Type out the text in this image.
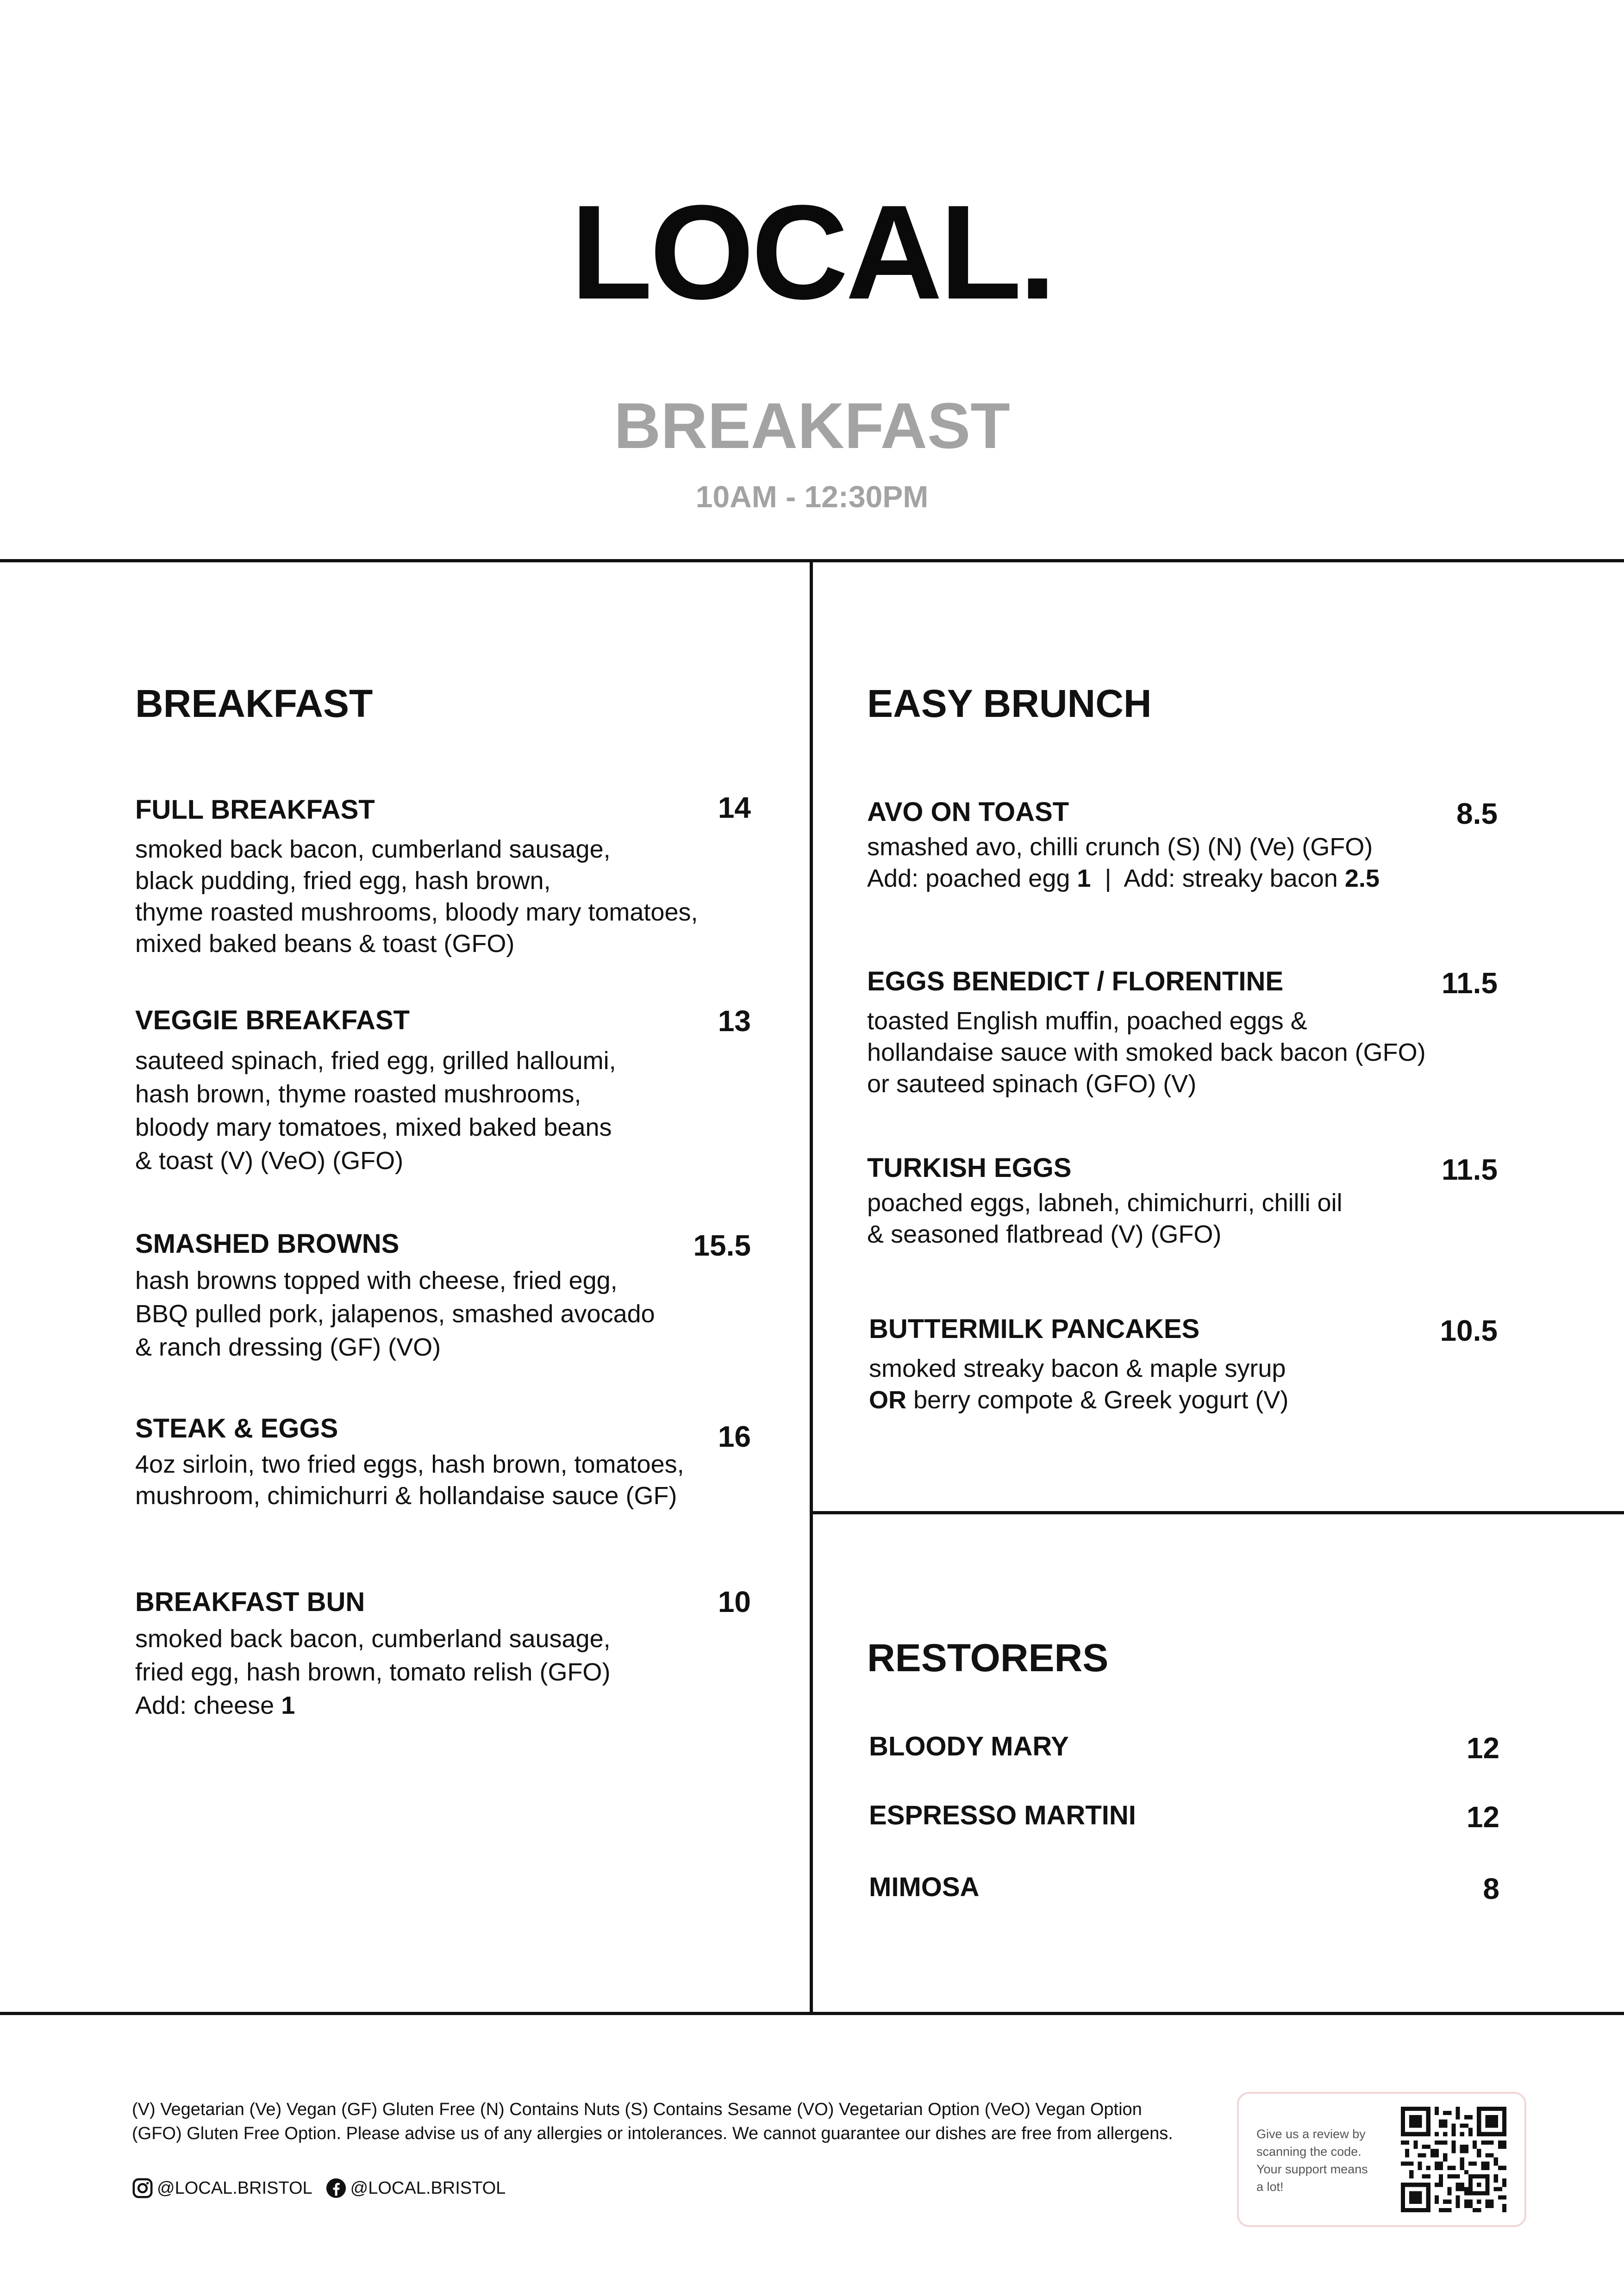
LOCAL.
BREAKFAST
10AM - 12:30PM
BREAKFAST
FULL BREAKFAST	14
smoked back bacon, cumberland sausage,
black pudding, fried egg, hash brown,
thyme roasted mushrooms, bloody mary tomatoes,
mixed baked beans & toast (GFO)
VEGGIE BREAKFAST	13
sauteed spinach, fried egg, grilled halloumi,
hash brown, thyme roasted mushrooms,
bloody mary tomatoes, mixed baked beans
& toast (V) (VeO) (GFO)
SMASHED BROWNS	15.5
hash browns topped with cheese, fried egg,
BBQ pulled pork, jalapenos, smashed avocado
& ranch dressing (GF) (VO)
STEAK & EGGS	16
4oz sirloin, two fried eggs, hash brown, tomatoes,
mushroom, chimichurri & hollandaise sauce (GF)
BREAKFAST BUN	10
smoked back bacon, cumberland sausage,
fried egg, hash brown, tomato relish (GFO)
Add: cheese 1
EASY BRUNCH
AVO ON TOAST	8.5
smashed avo, chilli crunch (S) (N) (Ve) (GFO)
Add: poached egg 1 | Add: streaky bacon 2.5
EGGS BENEDICT / FLORENTINE	11.5
toasted English muffin, poached eggs &
hollandaise sauce with smoked back bacon (GFO)
or sauteed spinach (GFO) (V)
TURKISH EGGS	11.5
poached eggs, labneh, chimichurri, chilli oil
& seasoned flatbread (V) (GFO)
BUTTERMILK PANCAKES	10.5
smoked streaky bacon & maple syrup
OR berry compote & Greek yogurt (V)
RESTORERS
BLOODY MARY	12
ESPRESSO MARTINI	12
MIMOSA	8
(V) Vegetarian (Ve) Vegan (GF) Gluten Free (N) Contains Nuts (S) Contains Sesame (VO) Vegetarian Option (VeO) Vegan Option
(GFO) Gluten Free Option. Please advise us of any allergies or intolerances. We cannot guarantee our dishes are free from allergens.
@LOCAL.BRISTOL @LOCAL.BRISTOL
Give us a review by
scanning the code.
Your support means
a lot!
